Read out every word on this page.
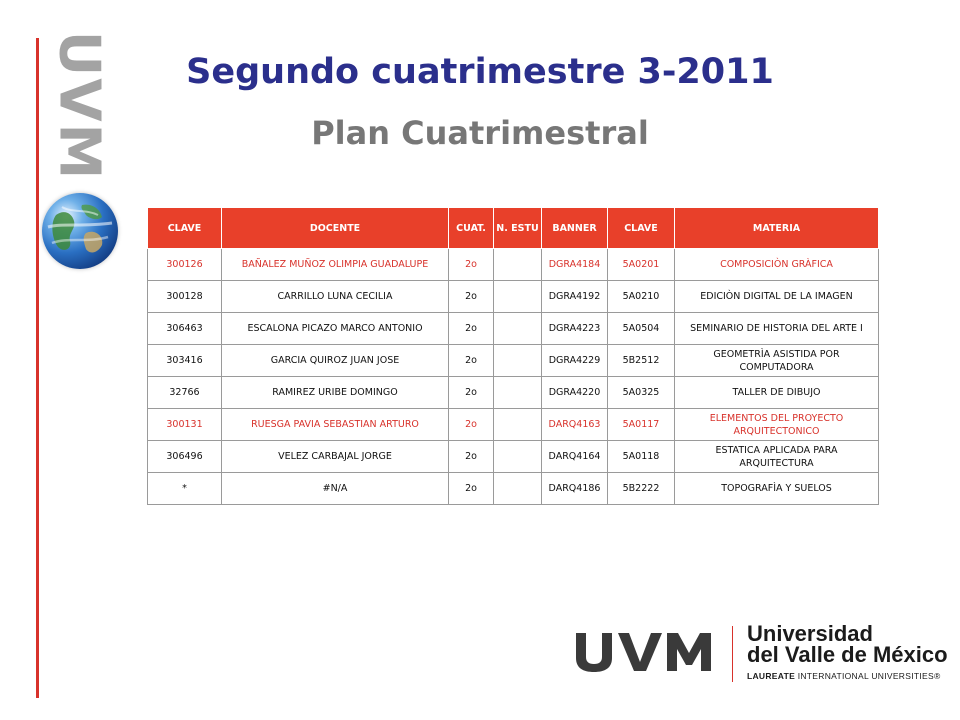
UVM	Segundo cuatrimestre 3-2011
Plan Cuatrimestral
CLAVE	DOCENTE	CUAT.	N. ESTU	BANNER	CLAVE	MATERIA
300126	BAÑALEZ MUÑOZ OLIMPIA GUADALUPE	2o		DGRA4184	5A0201	COMPOSICIÒN GRÀFICA
300128	CARRILLO LUNA CECILIA	2o		DGRA4192	5A0210	EDICIÒN DIGITAL DE LA IMAGEN
306463	ESCALONA PICAZO MARCO ANTONIO	2o		DGRA4223	5A0504	SEMINARIO DE HISTORIA DEL ARTE I
303416	GARCIA QUIROZ JUAN JOSE	2o		DGRA4229	5B2512	GEOMETRÌA ASISTIDA POR COMPUTADORA
32766	RAMIREZ URIBE DOMINGO	2o		DGRA4220	5A0325	TALLER DE DIBUJO
300131	RUESGA PAVIA SEBASTIAN ARTURO	2o		DARQ4163	5A0117	ELEMENTOS DEL PROYECTO ARQUITECTONICO
306496	VELEZ CARBAJAL JORGE	2o		DARQ4164	5A0118	ESTATICA APLICADA PARA ARQUITECTURA
*	#N/A	2o		DARQ4186	5B2222	TOPOGRAFÌA Y SUELOS
Universidad
del Valle de México
LAUREATE INTERNATIONAL UNIVERSITIES®
